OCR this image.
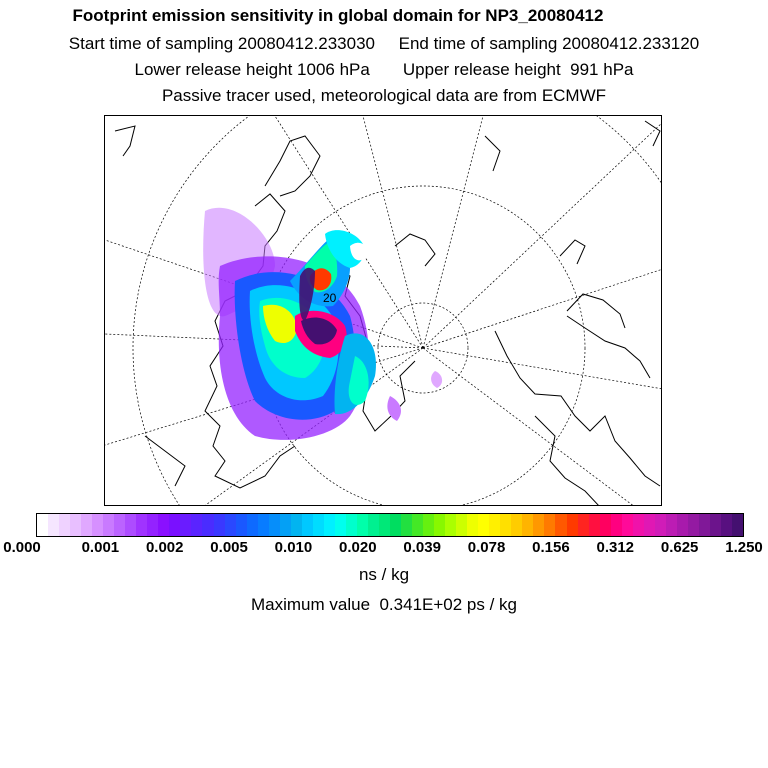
Footprint emission sensitivity in global domain for NP3_20080412
Start time of sampling 20080412.233030     End time of sampling 20080412.233120
Lower release height 1006 hPa       Upper release height  991 hPa
Passive tracer used, meteorological data are from ECMWF
20
0.000	0.001 0.002 0.005 0.010 0.020 0.039 0.078 0.156 0.312 0.625 1.250
ns / kg
Maximum value  0.341E+02 ps / kg
